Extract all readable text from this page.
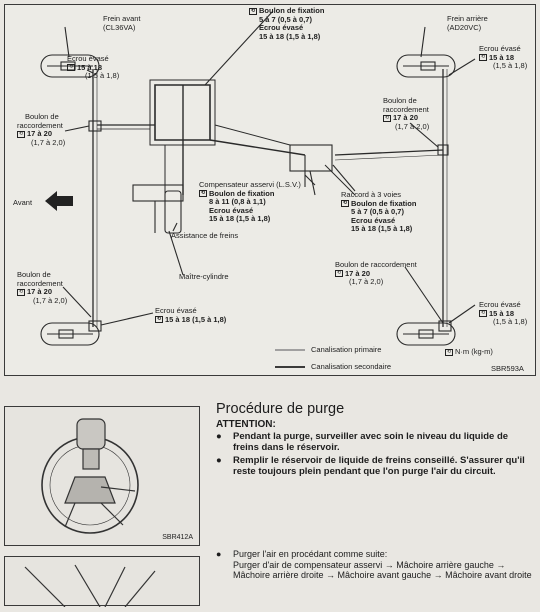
Frein avant
(CL36VA)
Frein arrière
(AD20VC)
⟲ Boulon de fixation
5 à 7 (0,5 à 0,7)
Ecrou évasé
15 à 18 (1,5 à 1,8)
Ecrou évasé
⟲ 15 à 18
(1,5 à 1,8)
Ecrou évasé
⟲ 15 à 18
(1,5 à 1,8)
Boulon de
raccordement
⟲ 17 à 20
(1,7 à 2,0)
Boulon de
raccordement
⟲ 17 à 20
(1,7 à 2,0)
Compensateur asservi (L.S.V.)
⟲ Boulon de fixation
8 à 11 (0,8 à 1,1)
Ecrou évasé
15 à 18 (1,5 à 1,8)
Raccord à 3 voies
⟲ Boulon de fixation
5 à 7 (0,5 à 0,7)
Ecrou évasé
15 à 18 (1,5 à 1,8)
Avant
Assistance de freins
Maître-cylindre
Boulon de
raccordement
⟲ 17 à 20
(1,7 à 2,0)
Boulon de raccordement
⟲ 17 à 20
(1,7 à 2,0)
Ecrou évasé
⟲ 15 à 18 (1,5 à 1,8)
Ecrou évasé
⟲ 15 à 18
(1,5 à 1,8)
Canalisation primaire
Canalisation secondaire
⟲ N·m (kg-m)
SBR593A
SBR412A
Procédure de purge
ATTENTION:
● Pendant la purge, surveiller avec soin le niveau du liquide de freins dans le réservoir.
● Remplir le réservoir de liquide de freins conseillé. S'assurer qu'il reste toujours plein pendant que l'on purge l'air du circuit.
● Purger l'air en procédant comme suite:
Purger d'air de compensateur asservi → Mâchoire arrière gauche → Mâchoire arrière droite → Mâchoire avant gauche → Mâchoire avant droite
